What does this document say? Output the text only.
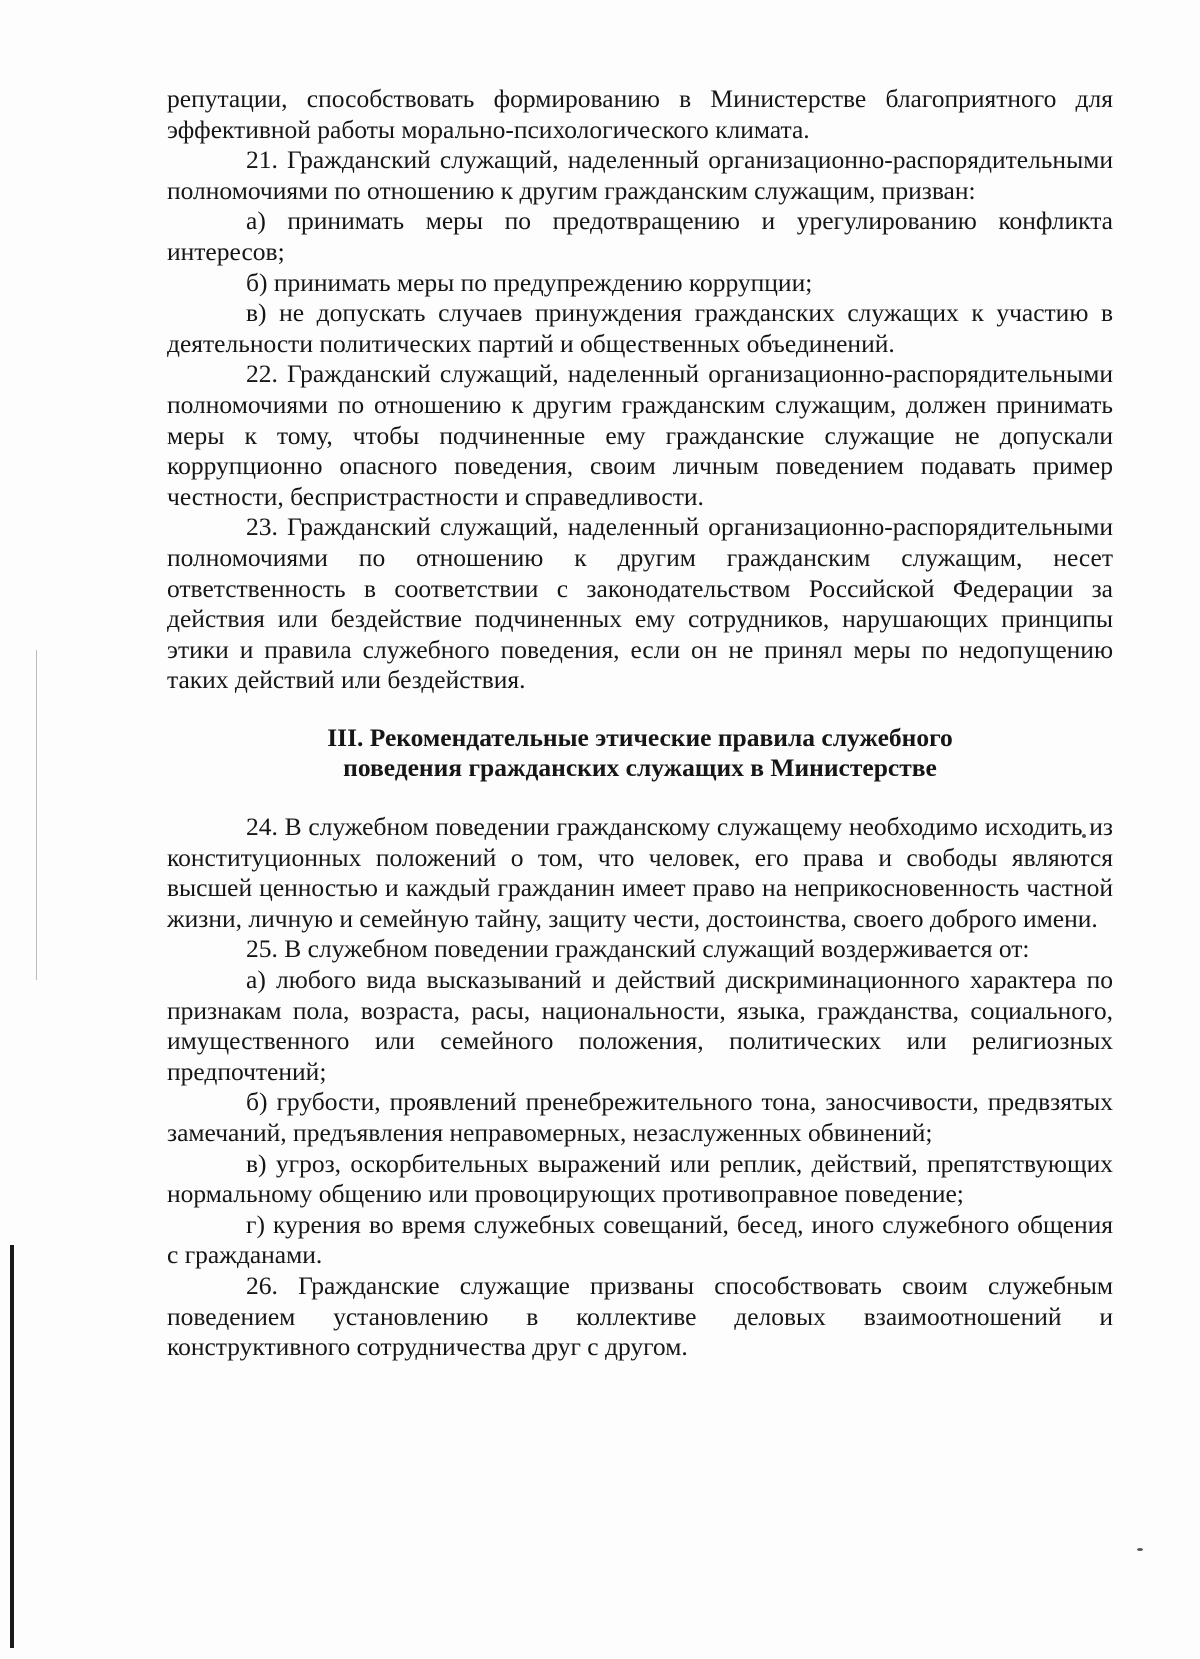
репутации, способствовать формированию в Министерстве благоприятного для эффективной работы морально-психологического климата.

21. Гражданский служащий, наделенный организационно-распорядительными полномочиями по отношению к другим гражданским служащим, призван:

а) принимать меры по предотвращению и урегулированию конфликта интересов;

б) принимать меры по предупреждению коррупции;

в) не допускать случаев принуждения гражданских служащих к участию в деятельности политических партий и общественных объединений.

22. Гражданский служащий, наделенный организационно-распорядительными полномочиями по отношению к другим гражданским служащим, должен принимать меры к тому, чтобы подчиненные ему гражданские служащие не допускали коррупционно опасного поведения, своим личным поведением подавать пример честности, беспристрастности и справедливости.

23. Гражданский служащий, наделенный организационно-распорядительными полномочиями по отношению к другим гражданским служащим, несет ответственность в соответствии с законодательством Российской Федерации за действия или бездействие подчиненных ему сотрудников, нарушающих принципы этики и правила служебного поведения, если он не принял меры по недопущению таких действий или бездействия.

III. Рекомендательные этические правила служебного
поведения гражданских служащих в Министерстве

24. В служебном поведении гражданскому служащему необходимо исходить из конституционных положений о том, что человек, его права и свободы являются высшей ценностью и каждый гражданин имеет право на неприкосновенность частной жизни, личную и семейную тайну, защиту чести, достоинства, своего доброго имени.

25. В служебном поведении гражданский служащий воздерживается от:

а) любого вида высказываний и действий дискриминационного характера по признакам пола, возраста, расы, национальности, языка, гражданства, социального, имущественного или семейного положения, политических или религиозных предпочтений;

б) грубости, проявлений пренебрежительного тона, заносчивости, предвзятых замечаний, предъявления неправомерных, незаслуженных обвинений;

в) угроз, оскорбительных выражений или реплик, действий, препятствующих нормальному общению или провоцирующих противоправное поведение;

г) курения во время служебных совещаний, бесед, иного служебного общения с гражданами.

26. Гражданские служащие призваны способствовать своим служебным поведением установлению в коллективе деловых взаимоотношений и конструктивного сотрудничества друг с другом.
